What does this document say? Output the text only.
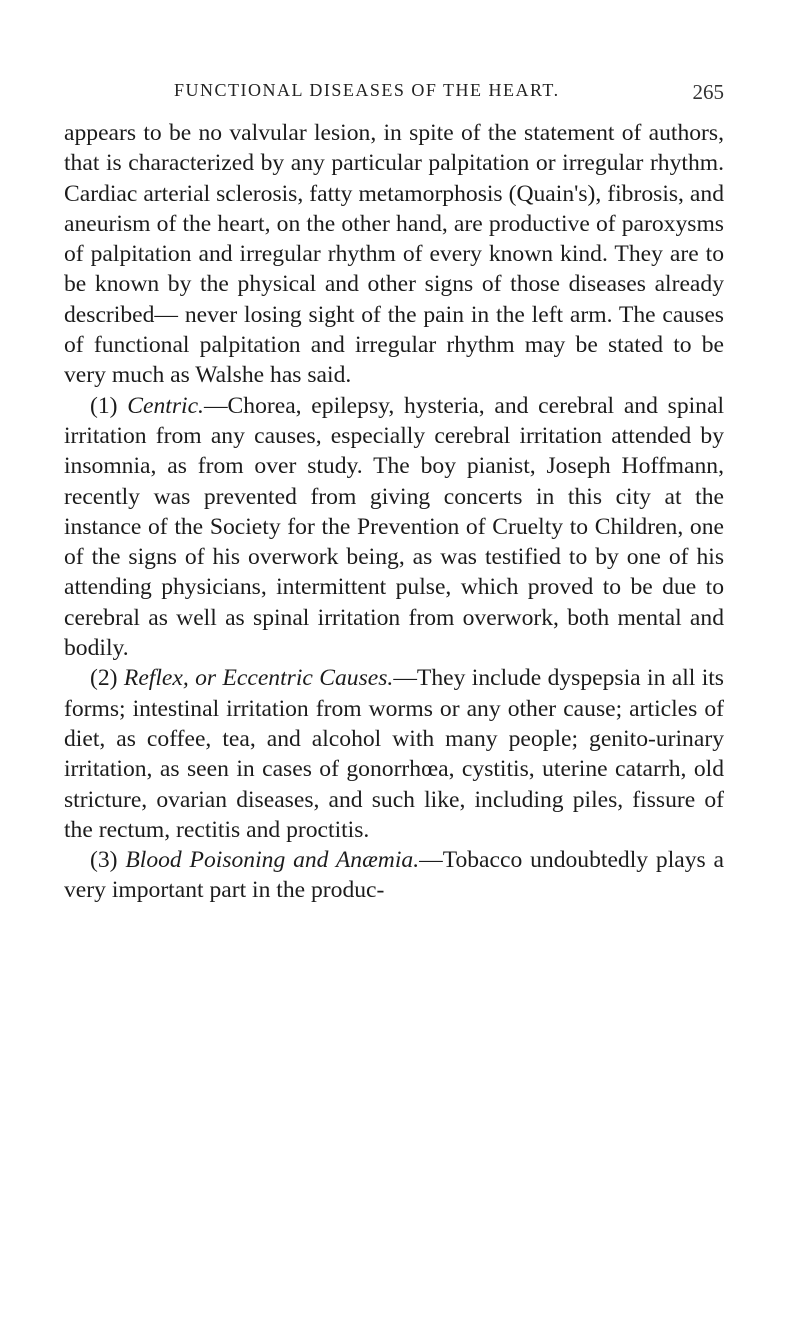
FUNCTIONAL DISEASES OF THE HEART.	265

appears to be no valvular lesion, in spite of the statement of authors, that is characterized by any particular palpitation or irregular rhythm. Cardiac arterial sclerosis, fatty metamorphosis (Quain's), fibrosis, and aneurism of the heart, on the other hand, are productive of paroxysms of palpitation and irregular rhythm of every known kind. They are to be known by the physical and other signs of those diseases already described— never losing sight of the pain in the left arm. The causes of functional palpitation and irregular rhythm may be stated to be very much as Walshe has said.

(1) Centric.—Chorea, epilepsy, hysteria, and cerebral and spinal irritation from any causes, especially cerebral irritation attended by insomnia, as from over study. The boy pianist, Joseph Hoffmann, recently was prevented from giving concerts in this city at the instance of the Society for the Prevention of Cruelty to Children, one of the signs of his overwork being, as was testified to by one of his attending physicians, intermittent pulse, which proved to be due to cerebral as well as spinal irritation from overwork, both mental and bodily.

(2) Reflex, or Eccentric Causes.—They include dyspepsia in all its forms; intestinal irritation from worms or any other cause; articles of diet, as coffee, tea, and alcohol with many people; genito-urinary irritation, as seen in cases of gonorrhœa, cystitis, uterine catarrh, old stricture, ovarian diseases, and such like, including piles, fissure of the rectum, rectitis and proctitis.

(3) Blood Poisoning and Anæmia.—Tobacco undoubtedly plays a very important part in the produc-
